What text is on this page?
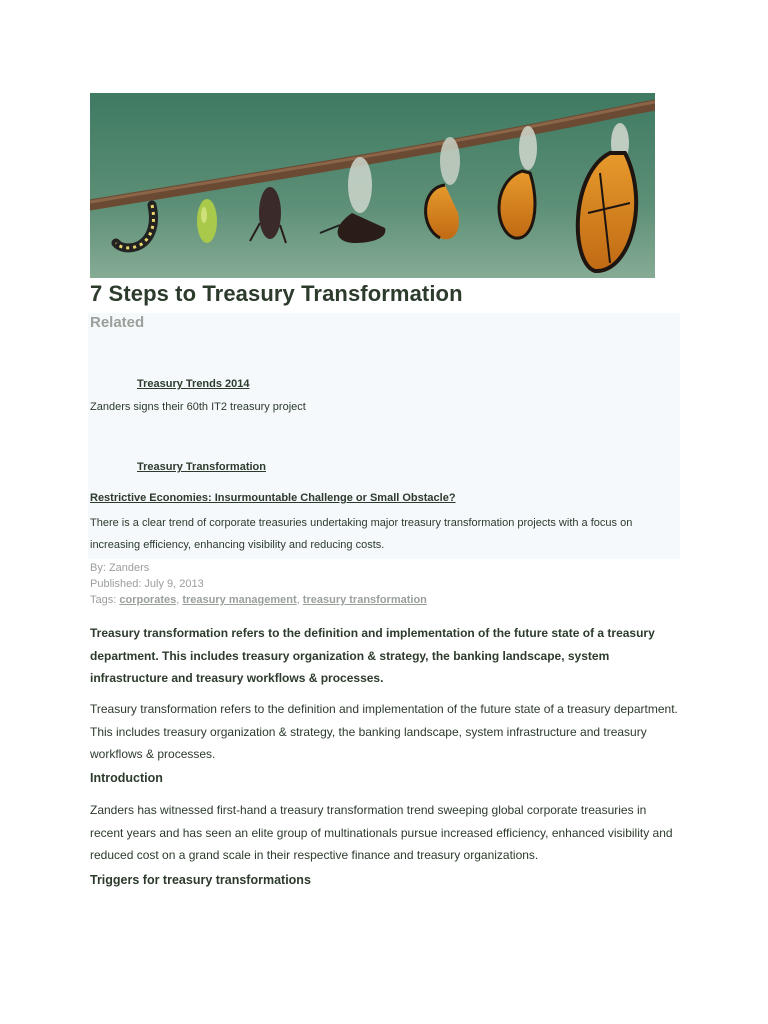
7 Steps to Treasury Transformation
Related
Treasury Trends 2014
Zanders signs their 60th IT2 treasury project
Treasury Transformation
Restrictive Economies: Insurmountable Challenge or Small Obstacle?
There is a clear trend of corporate treasuries undertaking major treasury transformation projects with a focus on increasing efficiency, enhancing visibility and reducing costs.
By: Zanders
Published: July 9, 2013
Tags: corporates, treasury management, treasury transformation

Treasury transformation refers to the definition and implementation of the future state of a treasury department. This includes treasury organization & strategy, the banking landscape, system infrastructure and treasury workflows & processes.

Treasury transformation refers to the definition and implementation of the future state of a treasury department. This includes treasury organization & strategy, the banking landscape, system infrastructure and treasury workflows & processes.

Introduction

Zanders has witnessed first-hand a treasury transformation trend sweeping global corporate treasuries in recent years and has seen an elite group of multinationals pursue increased efficiency, enhanced visibility and reduced cost on a grand scale in their respective finance and treasury organizations.

Triggers for treasury transformations
